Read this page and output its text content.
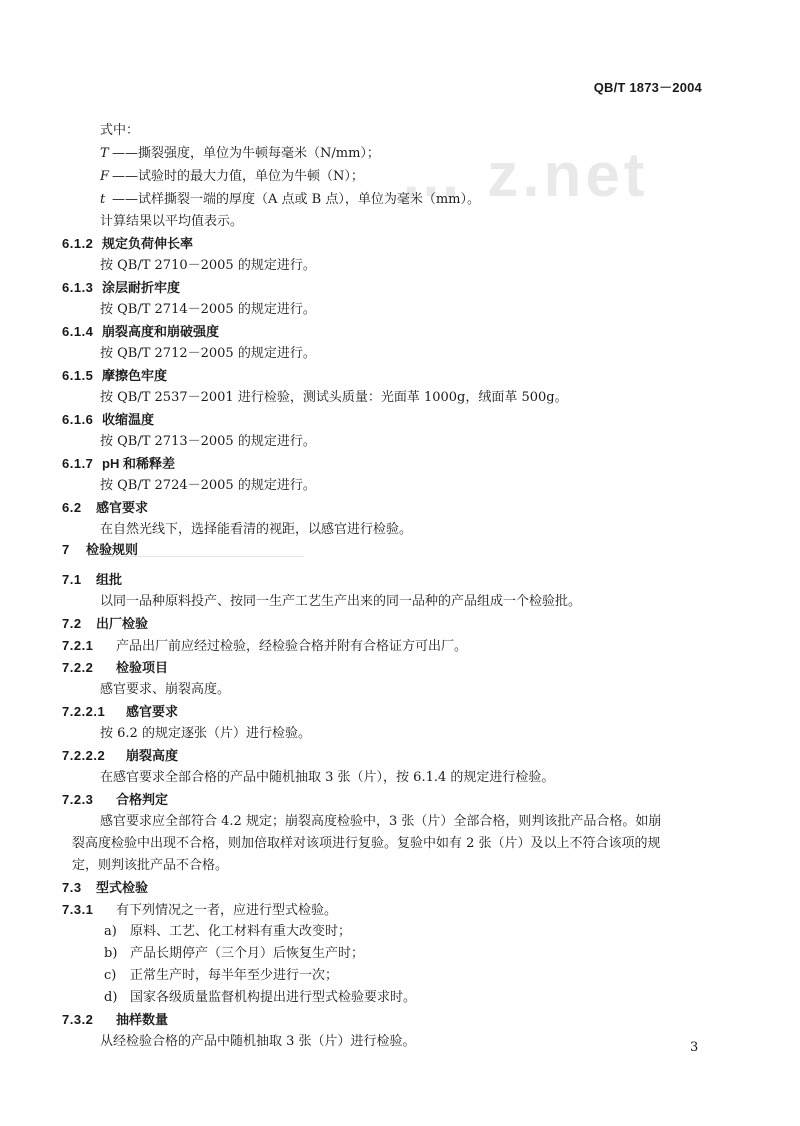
QB/T 1873－2004
… z.net
式中：
T ——撕裂强度，单位为牛顿每毫米（N/mm）；
F ——试验时的最大力值，单位为牛顿（N）；
t ——试样撕裂一端的厚度（A 点或 B 点），单位为毫米（mm）。
计算结果以平均值表示。
6.1.2 规定负荷伸长率
按 QB/T 2710－2005 的规定进行。
6.1.3 涂层耐折牢度
按 QB/T 2714－2005 的规定进行。
6.1.4 崩裂高度和崩破强度
按 QB/T 2712－2005 的规定进行。
6.1.5 摩擦色牢度
按 QB/T 2537－2001 进行检验，测试头质量：光面革 1000g，绒面革 500g。
6.1.6 收缩温度
按 QB/T 2713－2005 的规定进行。
6.1.7 pH 和稀释差
按 QB/T 2724－2005 的规定进行。
6.2 感官要求
在自然光线下，选择能看清的视距，以感官进行检验。
7 检验规则
7.1 组批
以同一品种原料投产、按同一生产工艺生产出来的同一品种的产品组成一个检验批。
7.2 出厂检验
7.2.1 产品出厂前应经过检验，经检验合格并附有合格证方可出厂。
7.2.2 检验项目
感官要求、崩裂高度。
7.2.2.1 感官要求
按 6.2 的规定逐张（片）进行检验。
7.2.2.2 崩裂高度
在感官要求全部合格的产品中随机抽取 3 张（片），按 6.1.4 的规定进行检验。
7.2.3 合格判定
感官要求应全部符合 4.2 规定；崩裂高度检验中，3 张（片）全部合格，则判该批产品合格。如崩
裂高度检验中出现不合格，则加倍取样对该项进行复验。复验中如有 2 张（片）及以上不符合该项的规
定，则判该批产品不合格。
7.3 型式检验
7.3.1 有下列情况之一者，应进行型式检验。
a) 原料、工艺、化工材料有重大改变时；
b) 产品长期停产（三个月）后恢复生产时；
c) 正常生产时，每半年至少进行一次；
d) 国家各级质量监督机构提出进行型式检验要求时。
7.3.2 抽样数量
从经检验合格的产品中随机抽取 3 张（片）进行检验。	3
